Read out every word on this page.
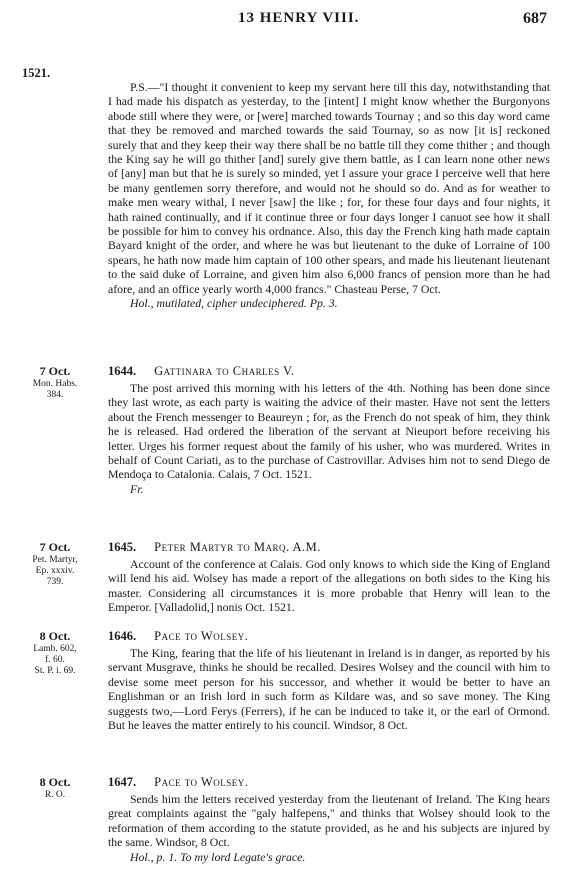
13 HENRY VIII.	687
1521.

P.S.—"I thought it convenient to keep my servant here till this day, notwithstanding that I had made his dispatch as yesterday, to the [intent] I might know whether the Burgonyons abode still where they were, or [were] marched towards Tournay ; and so this day word came that they be removed and marched towards the said Tournay, so as now [it is] reckoned surely that and they keep their way there shall be no battle till they come thither ; and though the King say he will go thither [and] surely give them battle, as I can learn none other news of [any] man but that he is surely so minded, yet I assure your grace I perceive well that here be many gentlemen sorry therefore, and would not he should so do. And as for weather to make men weary withal, I never [saw] the like ; for, for these four days and four nights, it hath rained continually, and if it continue three or four days longer I canuot see how it shall be possible for him to convey his ordnance. Also, this day the French king hath made captain Bayard knight of the order, and where he was but lieutenant to the duke of Lorraine of 100 spears, he hath now made him captain of 100 other spears, and made his lieutenant lieutenant to the said duke of Lorraine, and given him also 6,000 francs of pension more than he had afore, and an office yearly worth 4,000 francs." Chasteau Perse, 7 Oct.

Hol., mutilated, cipher undeciphered. Pp. 3.
7 Oct.
Mon. Habs.
384.
1644. Gattinara to Charles V.

The post arrived this morning with his letters of the 4th. Nothing has been done since they last wrote, as each party is waiting the advice of their master. Have not sent the letters about the French messenger to Beaureyn ; for, as the French do not speak of him, they think he is released. Had ordered the liberation of the servant at Nieuport before receiving his letter. Urges his former request about the family of his usher, who was murdered. Writes in behalf of Count Cariati, as to the purchase of Castrovillar. Advises him not to send Diego de Mendoça to Catalonia. Calais, 7 Oct. 1521.

Fr.
7 Oct.
Pet. Martyr,
Ep. xxxiv.
739.
1645. Peter Martyr to Marq. A.M.

Account of the conference at Calais. God only knows to which side the King of England will lend his aid. Wolsey has made a report of the allegations on both sides to the King his master. Considering all circumstances it is more probable that Henry will lean to the Emperor. [Valladolid,] nonis Oct. 1521.

8 Oct.
Lamb. 602,
f. 60.
St. P. i. 69.
1646. Pace to Wolsey.

The King, fearing that the life of his lieutenant in Ireland is in danger, as reported by his servant Musgrave, thinks he should be recalled. Desires Wolsey and the council with him to devise some meet person for his successor, and whether it would be better to have an Englishman or an Irish lord in such form as Kildare was, and so save money. The King suggests two,—Lord Ferys (Ferrers), if he can be induced to take it, or the earl of Ormond. But he leaves the matter entirely to his council. Windsor, 8 Oct.

8 Oct.
R. O.
1647. Pace to Wolsey.

Sends him the letters received yesterday from the lieutenant of Ireland. The King hears great complaints against the "galy halfepens," and thinks that Wolsey should look to the reformation of them according to the statute provided, as he and his subjects are injured by the same. Windsor, 8 Oct.

Hol., p. 1. To my lord Legate's grace.
